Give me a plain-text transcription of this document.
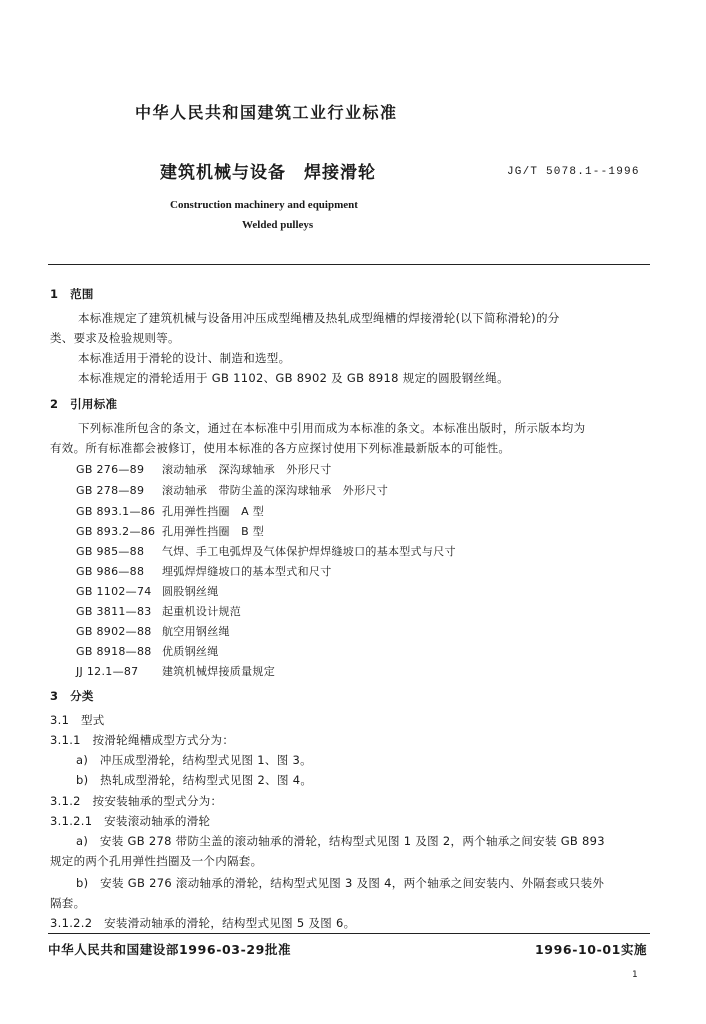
中华人民共和国建筑工业行业标准
建筑机械与设备　焊接滑轮	JG/T 5078.1--1996
Construction machinery and equipment
Welded pulleys
1　范围
本标准规定了建筑机械与设备用冲压成型绳槽及热轧成型绳槽的焊接滑轮(以下简称滑轮)的分
类、要求及检验规则等。
本标准适用于滑轮的设计、制造和选型。
本标准规定的滑轮适用于 GB 1102、GB 8902 及 GB 8918 规定的圆股钢丝绳。
2　引用标准
下列标准所包含的条文，通过在本标准中引用而成为本标准的条文。本标准出版时，所示版本均为
有效。所有标准都会被修订，使用本标准的各方应探讨使用下列标准最新版本的可能性。
GB 276—89 滚动轴承　深沟球轴承　外形尺寸
GB 278—89 滚动轴承　带防尘盖的深沟球轴承　外形尺寸
GB 893.1—86 孔用弹性挡圈　A 型
GB 893.2—86 孔用弹性挡圈　B 型
GB 985—88 气焊、手工电弧焊及气体保护焊焊缝坡口的基本型式与尺寸
GB 986—88 埋弧焊焊缝坡口的基本型式和尺寸
GB 1102—74 圆股钢丝绳
GB 3811—83 起重机设计规范
GB 8902—88 航空用钢丝绳
GB 8918—88 优质钢丝绳
JJ 12.1—87 建筑机械焊接质量规定
3　分类
3.1　型式
3.1.1　按滑轮绳槽成型方式分为：
a)　冲压成型滑轮，结构型式见图 1、图 3。
b)　热轧成型滑轮，结构型式见图 2、图 4。
3.1.2　按安装轴承的型式分为：
3.1.2.1　安装滚动轴承的滑轮
a)　安装 GB 278 带防尘盖的滚动轴承的滑轮，结构型式见图 1 及图 2，两个轴承之间安装 GB 893
规定的两个孔用弹性挡圈及一个内隔套。
b)　安装 GB 276 滚动轴承的滑轮，结构型式见图 3 及图 4，两个轴承之间安装内、外隔套或只装外
隔套。
3.1.2.2　安装滑动轴承的滑轮，结构型式见图 5 及图 6。
中华人民共和国建设部1996-03-29批准	1996-10-01实施
1
